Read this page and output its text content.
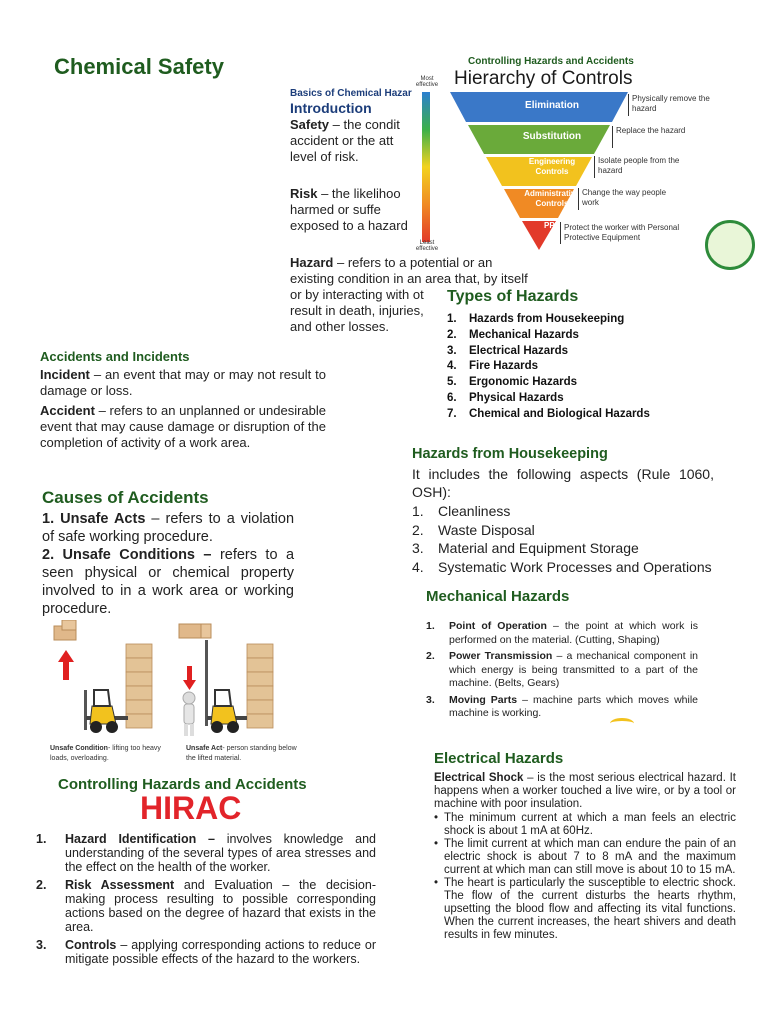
Chemical Safety
Basics of Chemical Hazar
Introduction
Safety – the condit
accident or the att
level of risk.
Risk – the likelihoo
harmed or suffe
exposed to a hazard
Hazard – refers to a potential or an
existing condition in an area that, by itself
or by interacting with ot
result in death, injuries,
and other losses.
Controlling Hazards and Accidents
Hierarchy of Controls
Most effective
Least effective
Elimination
Substitution
Engineering Controls
Administrative Controls
PPE
Physically remove the hazard
Replace the hazard
Isolate people from the hazard
Change the way people work
Protect the worker with Personal Protective Equipment
Types of Hazards
1. Hazards from Housekeeping
2. Mechanical Hazards
3. Electrical Hazards
4. Fire Hazards
5. Ergonomic Hazards
6. Physical Hazards
7. Chemical and Biological Hazards
Accidents and Incidents
Incident – an event that may or may not result to damage or loss.
Accident – refers to an unplanned or undesirable event that may cause damage or disruption of the completion of activity of a work area.
Causes of Accidents
1. Unsafe Acts – refers to a violation of safe working procedure.
2. Unsafe Conditions – refers to a seen physical or chemical property involved to in a work area or working procedure.
Unsafe Condition- lifting too heavy loads, overloading.
Unsafe Act- person standing below the lifted material.
Controlling Hazards and Accidents
HIRAC
1.	Hazard Identification – involves knowledge and understanding of the several types of area stresses and the effect on the health of the worker.
2.	Risk Assessment and Evaluation – the decision-making process resulting to possible corresponding actions based on the degree of hazard that exists in the area.
3.	Controls – applying corresponding actions to reduce or mitigate possible effects of the hazard to the workers.
Hazards from Housekeeping
It includes the following aspects (Rule 1060, OSH):
1. Cleanliness
2. Waste Disposal
3. Material and Equipment Storage
4. Systematic Work Processes and Operations
Mechanical Hazards
1.	Point of Operation – the point at which work is performed on the material. (Cutting, Shaping)
2.	Power Transmission – a mechanical component in which energy is being transmitted to a part of the machine. (Belts, Gears)
3.	Moving Parts – machine parts which moves while machine is working.
Electrical Hazards
Electrical Shock – is the most serious electrical hazard. It happens when a worker touched a live wire, or by a tool or machine with poor insulation.
• The minimum current at which a man feels an electric shock is about 1 mA at 60Hz.
• The limit current at which man can endure the pain of an electric shock is about 7 to 8 mA and the maximum current at which man can still move is about 10 to 15 mA.
• The heart is particularly the susceptible to electric shock. The flow of the current disturbs the hearts rhythm, upsetting the blood flow and affecting its vital functions. When the current increases, the heart shivers and death results in few minutes.
